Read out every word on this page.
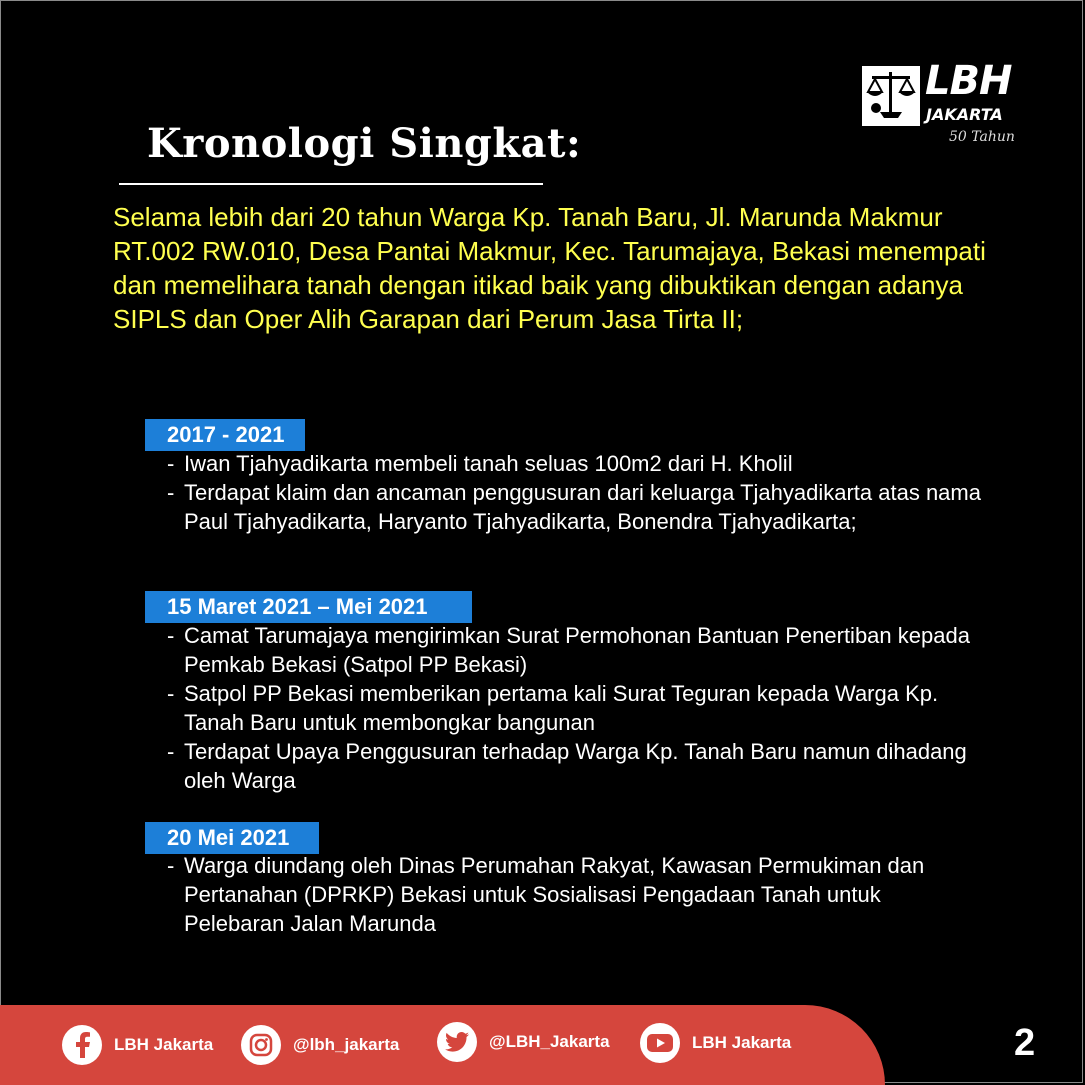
LBH
JAKARTA
50 Tahun
Kronologi Singkat:
Selama lebih dari 20 tahun Warga Kp. Tanah Baru, Jl. Marunda Makmur RT.002 RW.010, Desa Pantai Makmur, Kec. Tarumajaya, Bekasi menempati dan memelihara tanah dengan itikad baik yang dibuktikan dengan adanya SIPLS dan Oper Alih Garapan dari Perum Jasa Tirta II;
2017 - 2021
- Iwan Tjahyadikarta membeli tanah seluas 100m2 dari H. Kholil
- Terdapat klaim dan ancaman penggusuran dari keluarga Tjahyadikarta atas nama Paul Tjahyadikarta, Haryanto Tjahyadikarta, Bonendra Tjahyadikarta;
15 Maret 2021 – Mei 2021
- Camat Tarumajaya mengirimkan Surat Permohonan Bantuan Penertiban kepada Pemkab Bekasi (Satpol PP Bekasi)
- Satpol PP Bekasi memberikan pertama kali Surat Teguran kepada Warga Kp. Tanah Baru untuk membongkar bangunan
- Terdapat Upaya Penggusuran terhadap Warga Kp. Tanah Baru namun dihadang oleh Warga
20 Mei 2021
- Warga diundang oleh Dinas Perumahan Rakyat, Kawasan Permukiman dan Pertanahan (DPRKP) Bekasi untuk Sosialisasi Pengadaan Tanah untuk Pelebaran Jalan Marunda
LBH Jakarta	@lbh_jakarta	@LBH_Jakarta	LBH Jakarta	2
